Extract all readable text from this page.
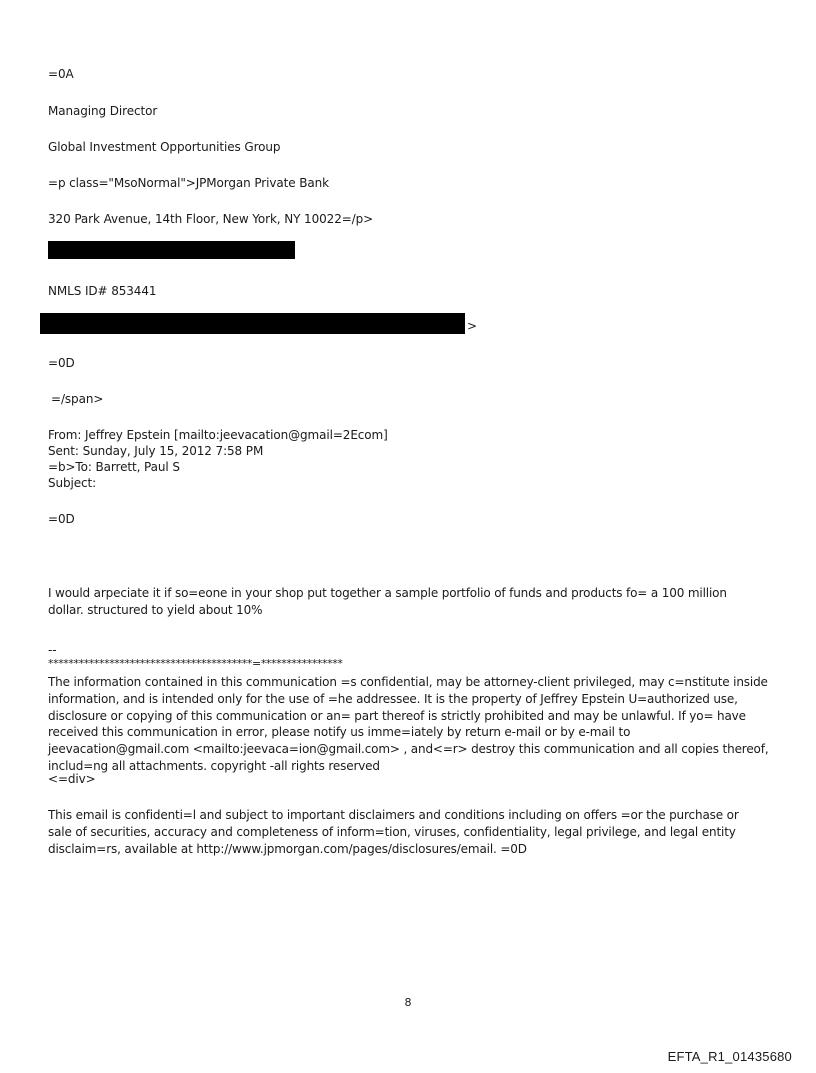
=0A
Managing Director
Global Investment Opportunities Group
=p class="MsoNormal">JPMorgan Private Bank
320 Park Avenue, 14th Floor, New York, NY 10022=/p>
NMLS ID# 853441
>
=0D
=/span>
From: Jeffrey Epstein [mailto:jeevacation@gmail=2Ecom]
Sent: Sunday, July 15, 2012 7:58 PM
=b>To: Barrett, Paul S
Subject:
=0D
I would arpeciate it if so=eone in your shop put together a sample portfolio of funds and products fo= a 100 million dollar. structured to yield about 10%
--
****************************************=****************
The information contained in this communication =s confidential, may be attorney-client privileged, may c=nstitute inside information, and is intended only for the use of =he addressee. It is the property of Jeffrey Epstein U=authorized use, disclosure or copying of this communication or an= part thereof is strictly prohibited and may be unlawful. If yo= have received this communication in error, please notify us imme=iately by return e-mail or by e-mail to jeevacation@gmail.com <mailto:jeevaca=ion@gmail.com> , and<=r> destroy this communication and all copies thereof, includ=ng all attachments. copyright -all rights reserved
<=div>
This email is confidenti=l and subject to important disclaimers and conditions including on offers =or the purchase or sale of securities, accuracy and completeness of inform=tion, viruses, confidentiality, legal privilege, and legal entity disclaim=rs, available at http://www.jpmorgan.com/pages/disclosures/email. =0D
8
EFTA_R1_01435680
